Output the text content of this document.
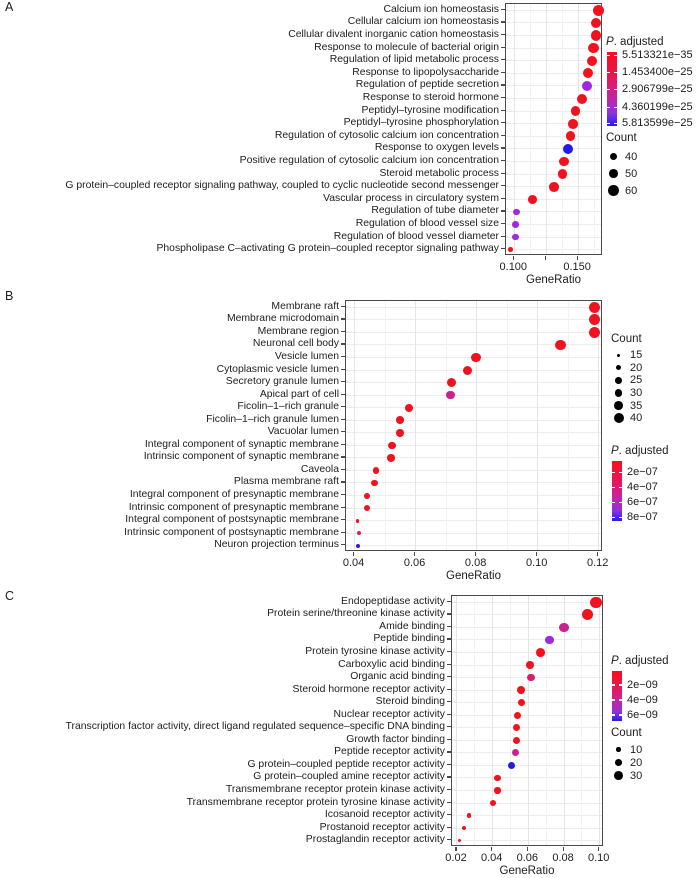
A	Calcium ion homeostasis
Cellular calcium ion homeostasis
Cellular divalent inorganic cation homeostasis
Response to molecule of bacterial origin
Regulation of lipid metabolic process
Response to lipopolysaccharide
Regulation of peptide secretion
Response to steroid hormone
Peptidyl–tyrosine modification
Peptidyl–tyrosine phosphorylation
Regulation of cytosolic calcium ion concentration
Response to oxygen levels
Positive regulation of cytosolic calcium ion concentration
Steroid metabolic process
G protein–coupled receptor signaling pathway, coupled to cyclic nucleotide second messenger
Vascular process in circulatory system
Regulation of tube diameter
Regulation of blood vessel size
Regulation of blood vessel diameter
Phospholipase C–activating G protein–coupled receptor signaling pathway
0.100	0.150
GeneRatio
P. adjusted
5.513321e−35
1.453400e−25
2.906799e−25
4.360199e−25
5.813599e−25
Count
40
50
60
B
Membrane raft
Membrane microdomain
Membrane region
Neuronal cell body
Vesicle lumen
Cytoplasmic vesicle lumen
Secretory granule lumen
Apical part of cell
Ficolin–1–rich granule
Ficolin–1–rich granule lumen
Vacuolar lumen
Integral component of synaptic membrane
Intrinsic component of synaptic membrane
Caveola
Plasma membrane raft
Integral component of presynaptic membrane
Intrinsic component of presynaptic membrane
Integral component of postsynaptic membrane
Intrinsic component of postsynaptic membrane
Neuron projection terminus
0.04	0.06	0.08	0.10	0.12
GeneRatio
Count
15
20
25
30
35
40
P. adjusted
2e−07
4e−07
6e−07
8e−07
C	Endopeptidase activity
Protein serine/threonine kinase activity
Amide binding
Peptide binding
Protein tyrosine kinase activity
Carboxylic acid binding
Organic acid binding
Steroid hormone receptor activity
Steroid binding
Nuclear receptor activity
Transcription factor activity, direct ligand regulated sequence–specific DNA binding
Growth factor binding
Peptide receptor activity
G protein–coupled peptide receptor activity
G protein–coupled amine receptor activity
Transmembrane receptor protein kinase activity
Transmembrane receptor protein tyrosine kinase activity
Icosanoid receptor activity
Prostanoid receptor activity
Prostaglandin receptor activity
0.02 0.04 0.06 0.08 0.10
GeneRatio
P. adjusted
2e−09
4e−09
6e−09
Count
10
20
30
